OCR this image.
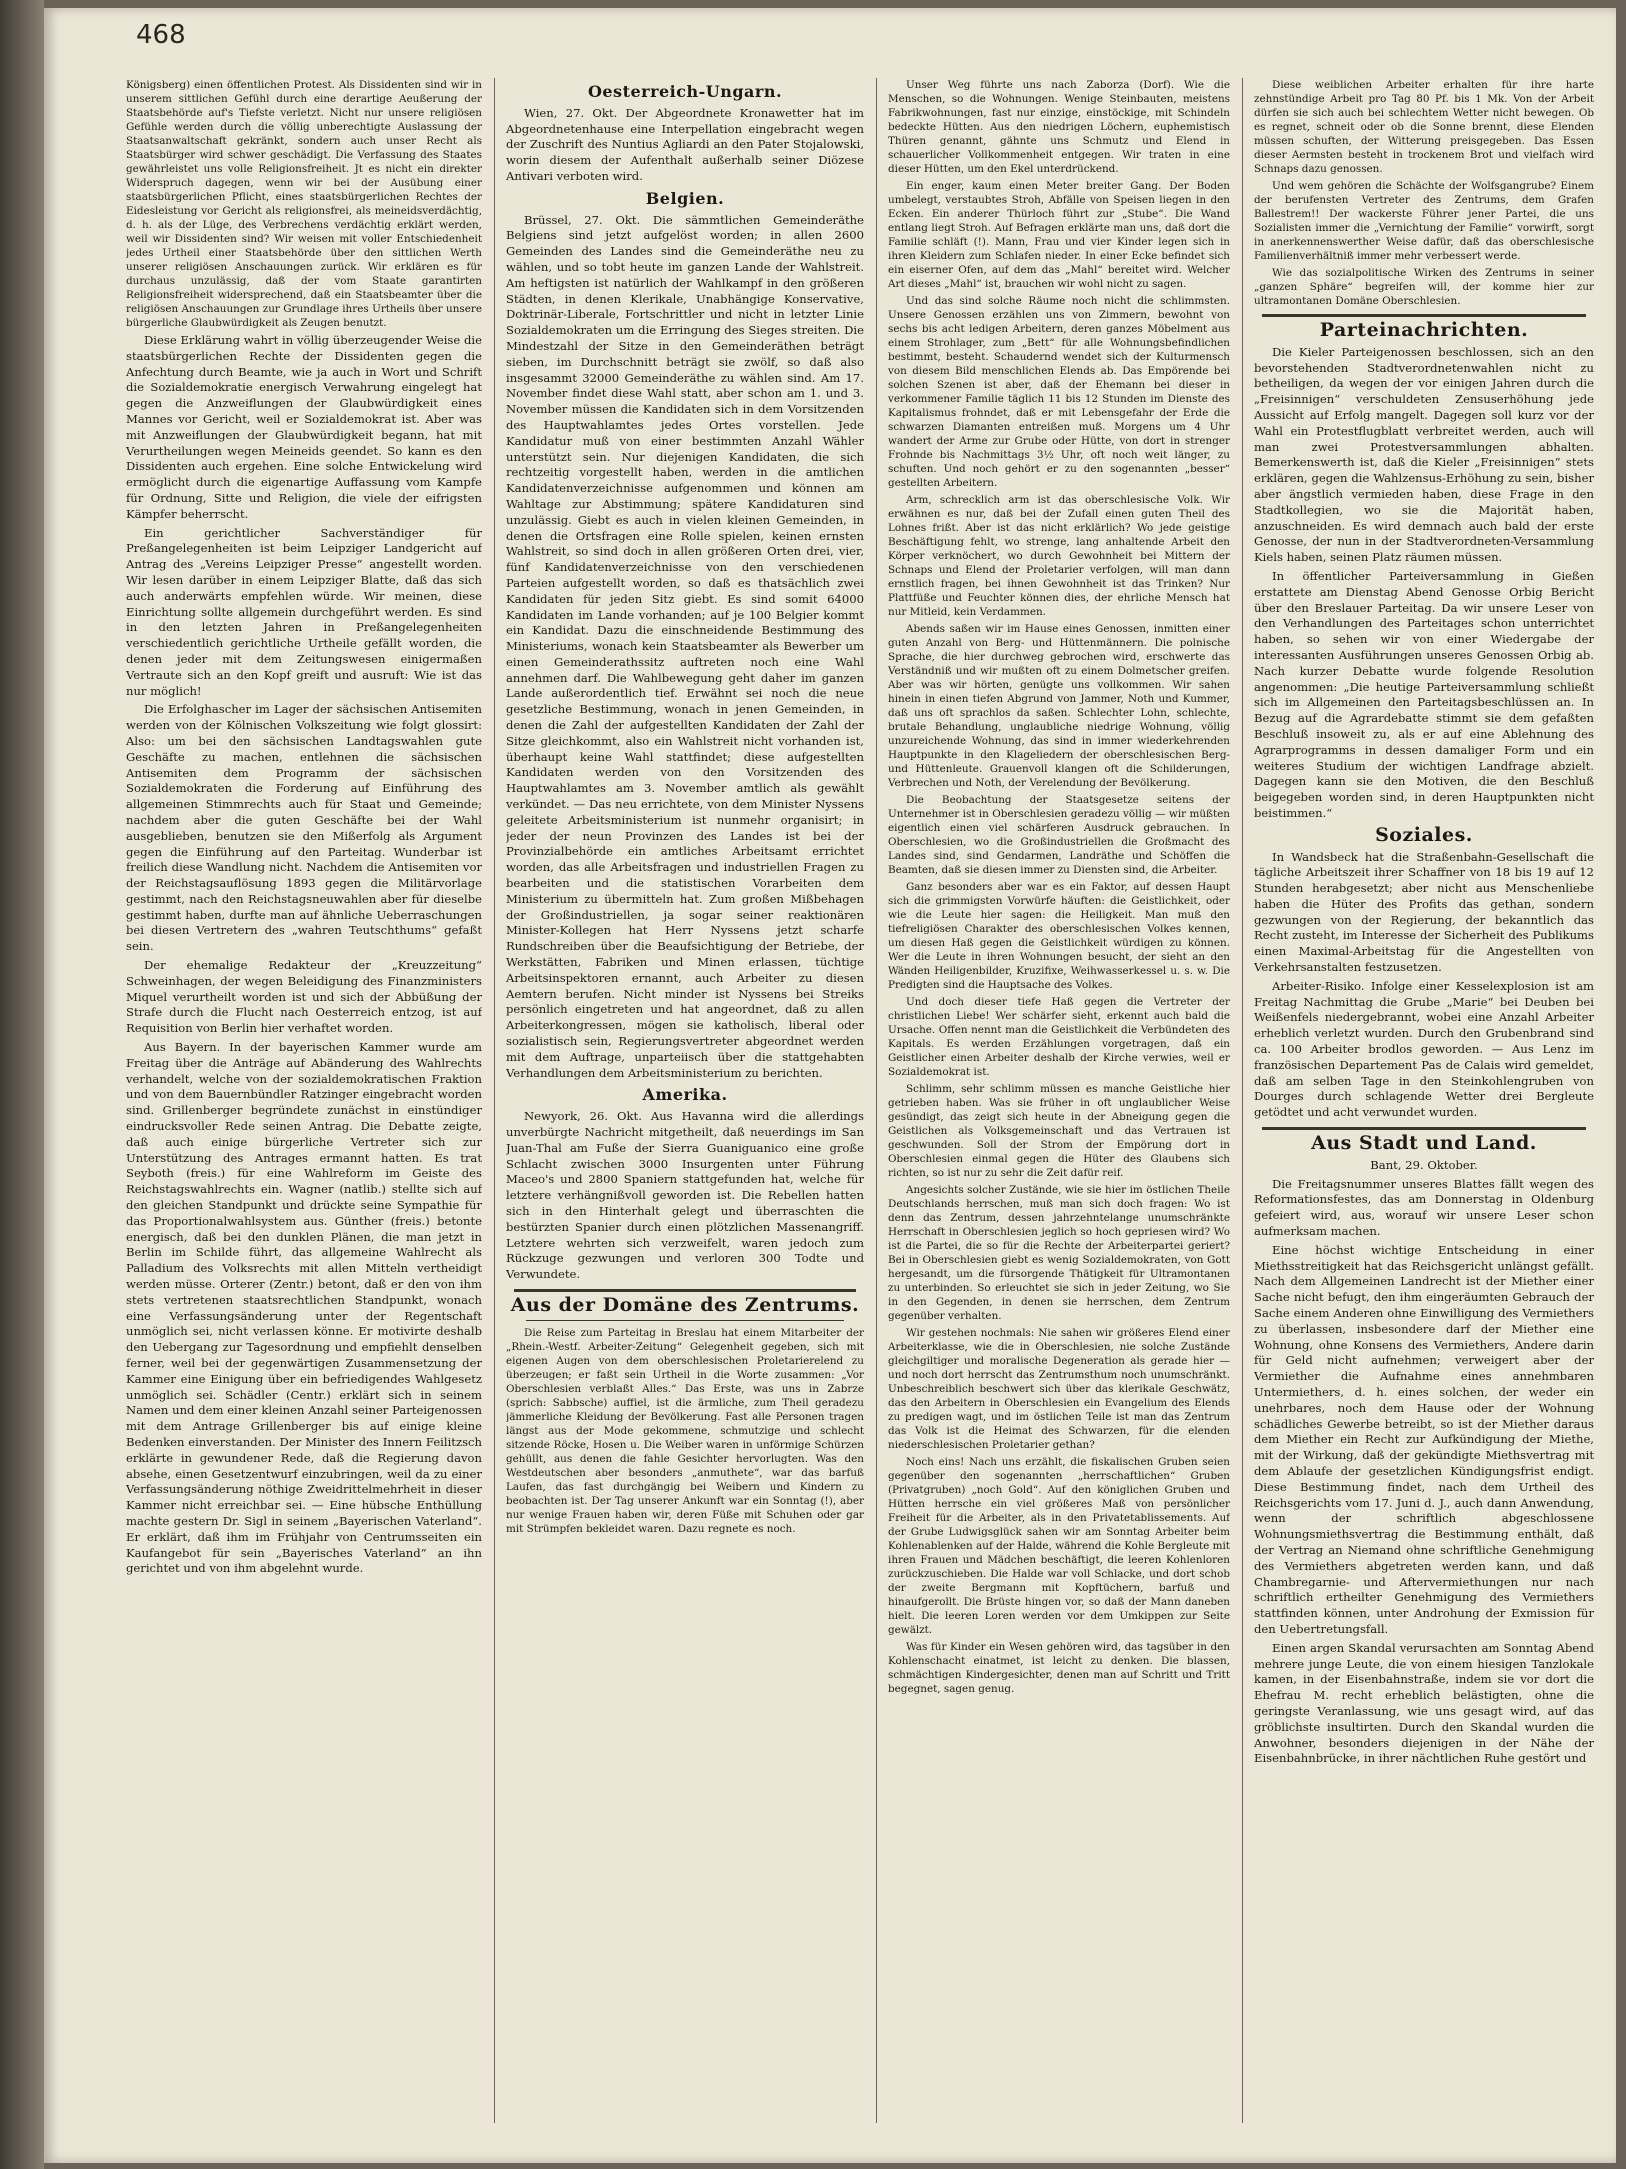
468

Königsberg) einen öffentlichen Protest. Als Dissidenten sind wir in unserem sittlichen Gefühl durch eine derartige Aeußerung der Staatsbehörde auf's Tiefste verletzt. Nicht nur unsere religiösen Gefühle werden durch die völlig unberechtigte Auslassung der Staatsanwaltschaft gekränkt, sondern auch unser Recht als Staatsbürger wird schwer geschädigt. Die Verfassung des Staates gewährleistet uns volle Religionsfreiheit. Jt es nicht ein direkter Widerspruch dagegen, wenn wir bei der Ausübung einer staatsbürgerlichen Pflicht, eines staatsbürgerlichen Rechtes der Eidesleistung vor Gericht als religionsfrei, als meineidsverdächtig, d. h. als der Lüge, des Verbrechens verdächtig erklärt werden, weil wir Dissidenten sind? Wir weisen mit voller Entschiedenheit jedes Urtheil einer Staatsbehörde über den sittlichen Werth unserer religiösen Anschauungen zurück. Wir erklären es für durchaus unzulässig, daß der vom Staate garantirten Religionsfreiheit widersprechend, daß ein Staatsbeamter über die religiösen Anschauungen zur Grundlage ihres Urtheils über unsere bürgerliche Glaubwürdigkeit als Zeugen benutzt.

Diese Erklärung wahrt in völlig überzeugender Weise die staatsbürgerlichen Rechte der Dissidenten gegen die Anfechtung durch Beamte, wie ja auch in Wort und Schrift die Sozialdemokratie energisch Verwahrung eingelegt hat gegen die Anzweiflungen der Glaubwürdigkeit eines Mannes vor Gericht, weil er Sozialdemokrat ist. Aber was mit Anzweiflungen der Glaubwürdigkeit begann, hat mit Verurtheilungen wegen Meineids geendet. So kann es den Dissidenten auch ergehen. Eine solche Entwickelung wird ermöglicht durch die eigenartige Auffassung vom Kampfe für Ordnung, Sitte und Religion, die viele der eifrigsten Kämpfer beherrscht.

Ein gerichtlicher Sachverständiger für Preßangelegenheiten ist beim Leipziger Landgericht auf Antrag des „Vereins Leipziger Presse“ angestellt worden. Wir lesen darüber in einem Leipziger Blatte, daß das sich auch anderwärts empfehlen würde. Wir meinen, diese Einrichtung sollte allgemein durchgeführt werden. Es sind in den letzten Jahren in Preßangelegenheiten verschiedentlich gerichtliche Urtheile gefällt worden, die denen jeder mit dem Zeitungswesen einigermaßen Vertraute sich an den Kopf greift und ausruft: Wie ist das nur möglich!

Die Erfolghascher im Lager der sächsischen Antisemiten werden von der Kölnischen Volkszeitung wie folgt glossirt: Also: um bei den sächsischen Landtagswahlen gute Geschäfte zu machen, entlehnen die sächsischen Antisemiten dem Programm der sächsischen Sozialdemokraten die Forderung auf Einführung des allgemeinen Stimmrechts auch für Staat und Gemeinde; nachdem aber die guten Geschäfte bei der Wahl ausgeblieben, benutzen sie den Mißerfolg als Argument gegen die Einführung auf den Parteitag. Wunderbar ist freilich diese Wandlung nicht. Nachdem die Antisemiten vor der Reichstagsauflösung 1893 gegen die Militärvorlage gestimmt, nach den Reichstagsneuwahlen aber für dieselbe gestimmt haben, durfte man auf ähnliche Ueberraschungen bei diesen Vertretern des „wahren Teutschthums“ gefaßt sein.

Der ehemalige Redakteur der „Kreuzzeitung“ Schweinhagen, der wegen Beleidigung des Finanzministers Miquel verurtheilt worden ist und sich der Abbüßung der Strafe durch die Flucht nach Oesterreich entzog, ist auf Requisition von Berlin hier verhaftet worden.

Aus Bayern. In der bayerischen Kammer wurde am Freitag über die Anträge auf Abänderung des Wahlrechts verhandelt, welche von der sozialdemokratischen Fraktion und von dem Bauernbündler Ratzinger eingebracht worden sind. Grillenberger begründete zunächst in einstündiger eindrucksvoller Rede seinen Antrag. Die Debatte zeigte, daß auch einige bürgerliche Vertreter sich zur Unterstützung des Antrages ermannt hatten. Es trat Seyboth (freis.) für eine Wahlreform im Geiste des Reichstagswahlrechts ein. Wagner (natlib.) stellte sich auf den gleichen Standpunkt und drückte seine Sympathie für das Proportionalwahlsystem aus. Günther (freis.) betonte energisch, daß bei den dunklen Plänen, die man jetzt in Berlin im Schilde führt, das allgemeine Wahlrecht als Palladium des Volksrechts mit allen Mitteln vertheidigt werden müsse. Orterer (Zentr.) betont, daß er den von ihm stets vertretenen staatsrechtlichen Standpunkt, wonach eine Verfassungsänderung unter der Regentschaft unmöglich sei, nicht verlassen könne. Er motivirte deshalb den Uebergang zur Tagesordnung und empfiehlt denselben ferner, weil bei der gegenwärtigen Zusammensetzung der Kammer eine Einigung über ein befriedigendes Wahlgesetz unmöglich sei. Schädler (Centr.) erklärt sich in seinem Namen und dem einer kleinen Anzahl seiner Parteigenossen mit dem Antrage Grillenberger bis auf einige kleine Bedenken einverstanden. Der Minister des Innern Feilitzsch erklärte in gewundener Rede, daß die Regierung davon absehe, einen Gesetzentwurf einzubringen, weil da zu einer Verfassungsänderung nöthige Zweidrittelmehrheit in dieser Kammer nicht erreichbar sei. — Eine hübsche Enthüllung machte gestern Dr. Sigl in seinem „Bayerischen Vaterland“. Er erklärt, daß ihm im Frühjahr von Centrumsseiten ein Kaufangebot für sein „Bayerisches Vaterland“ an ihn gerichtet und von ihm abgelehnt wurde.

Oesterreich-Ungarn.

Wien, 27. Okt. Der Abgeordnete Kronawetter hat im Abgeordnetenhause eine Interpellation eingebracht wegen der Zuschrift des Nuntius Agliardi an den Pater Stojalowski, worin diesem der Aufenthalt außerhalb seiner Diözese Antivari verboten wird.

Belgien.

Brüssel, 27. Okt. Die sämmtlichen Gemeinderäthe Belgiens sind jetzt aufgelöst worden; in allen 2600 Gemeinden des Landes sind die Gemeinderäthe neu zu wählen, und so tobt heute im ganzen Lande der Wahlstreit. Am heftigsten ist natürlich der Wahlkampf in den größeren Städten, in denen Klerikale, Unabhängige Konservative, Doktrinär-Liberale, Fortschrittler und nicht in letzter Linie Sozialdemokraten um die Erringung des Sieges streiten. Die Mindestzahl der Sitze in den Gemeinderäthen beträgt sieben, im Durchschnitt beträgt sie zwölf, so daß also insgesammt 32000 Gemeinderäthe zu wählen sind. Am 17. November findet diese Wahl statt, aber schon am 1. und 3. November müssen die Kandidaten sich in dem Vorsitzenden des Hauptwahlamtes jedes Ortes vorstellen. Jede Kandidatur muß von einer bestimmten Anzahl Wähler unterstützt sein. Nur diejenigen Kandidaten, die sich rechtzeitig vorgestellt haben, werden in die amtlichen Kandidatenverzeichnisse aufgenommen und können am Wahltage zur Abstimmung; spätere Kandidaturen sind unzulässig. Giebt es auch in vielen kleinen Gemeinden, in denen die Ortsfragen eine Rolle spielen, keinen ernsten Wahlstreit, so sind doch in allen größeren Orten drei, vier, fünf Kandidatenverzeichnisse von den verschiedenen Parteien aufgestellt worden, so daß es thatsächlich zwei Kandidaten für jeden Sitz giebt. Es sind somit 64000 Kandidaten im Lande vorhanden; auf je 100 Belgier kommt ein Kandidat. Dazu die einschneidende Bestimmung des Ministeriums, wonach kein Staatsbeamter als Bewerber um einen Gemeinderathssitz auftreten noch eine Wahl annehmen darf. Die Wahlbewegung geht daher im ganzen Lande außerordentlich tief. Erwähnt sei noch die neue gesetzliche Bestimmung, wonach in jenen Gemeinden, in denen die Zahl der aufgestellten Kandidaten der Zahl der Sitze gleichkommt, also ein Wahlstreit nicht vorhanden ist, überhaupt keine Wahl stattfindet; diese aufgestellten Kandidaten werden von den Vorsitzenden des Hauptwahlamtes am 3. November amtlich als gewählt verkündet. — Das neu errichtete, von dem Minister Nyssens geleitete Arbeitsministerium ist nunmehr organisirt; in jeder der neun Provinzen des Landes ist bei der Provinzialbehörde ein amtliches Arbeitsamt errichtet worden, das alle Arbeitsfragen und industriellen Fragen zu bearbeiten und die statistischen Vorarbeiten dem Ministerium zu übermitteln hat. Zum großen Mißbehagen der Großindustriellen, ja sogar seiner reaktionären Minister-Kollegen hat Herr Nyssens jetzt scharfe Rundschreiben über die Beaufsichtigung der Betriebe, der Werkstätten, Fabriken und Minen erlassen, tüchtige Arbeitsinspektoren ernannt, auch Arbeiter zu diesen Aemtern berufen. Nicht minder ist Nyssens bei Streiks persönlich eingetreten und hat angeordnet, daß zu allen Arbeiterkongressen, mögen sie katholisch, liberal oder sozialistisch sein, Regierungsvertreter abgeordnet werden mit dem Auftrage, unparteiisch über die stattgehabten Verhandlungen dem Arbeitsministerium zu berichten.

Amerika.

Newyork, 26. Okt. Aus Havanna wird die allerdings unverbürgte Nachricht mitgetheilt, daß neuerdings im San Juan-Thal am Fuße der Sierra Guaniguanico eine große Schlacht zwischen 3000 Insurgenten unter Führung Maceo's und 2800 Spaniern stattgefunden hat, welche für letztere verhängnißvoll geworden ist. Die Rebellen hatten sich in den Hinterhalt gelegt und überraschten die bestürzten Spanier durch einen plötzlichen Massenangriff. Letztere wehrten sich verzweifelt, waren jedoch zum Rückzuge gezwungen und verloren 300 Todte und Verwundete.

Aus der Domäne des Zentrums.

Die Reise zum Parteitag in Breslau hat einem Mitarbeiter der „Rhein.-Westf. Arbeiter-Zeitung“ Gelegenheit gegeben, sich mit eigenen Augen von dem oberschlesischen Proletarierelend zu überzeugen; er faßt sein Urtheil in die Worte zusammen: „Vor Oberschlesien verblaßt Alles.“ Das Erste, was uns in Zabrze (sprich: Sabbsche) auffiel, ist die ärmliche, zum Theil geradezu jämmerliche Kleidung der Bevölkerung. Fast alle Personen tragen längst aus der Mode gekommene, schmutzige und schlecht sitzende Röcke, Hosen u. Die Weiber waren in unförmige Schürzen gehüllt, aus denen die fahle Gesichter hervorlugten. Was den Westdeutschen aber besonders „anmuthete“, war das barfuß Laufen, das fast durchgängig bei Weibern und Kindern zu beobachten ist. Der Tag unserer Ankunft war ein Sonntag (!), aber nur wenige Frauen haben wir, deren Füße mit Schuhen oder gar mit Strümpfen bekleidet waren. Dazu regnete es noch.

Unser Weg führte uns nach Zaborza (Dorf). Wie die Menschen, so die Wohnungen. Wenige Steinbauten, meistens Fabrikwohnungen, fast nur einzige, einstöckige, mit Schindeln bedeckte Hütten. Aus den niedrigen Löchern, euphemistisch Thüren genannt, gähnte uns Schmutz und Elend in schauerlicher Vollkommenheit entgegen. Wir traten in eine dieser Hütten, um den Ekel unterdrückend.

Ein enger, kaum einen Meter breiter Gang. Der Boden umbelegt, verstaubtes Stroh, Abfälle von Speisen liegen in den Ecken. Ein anderer Thürloch führt zur „Stube“. Die Wand entlang liegt Stroh. Auf Befragen erklärte man uns, daß dort die Familie schläft (!). Mann, Frau und vier Kinder legen sich in ihren Kleidern zum Schlafen nieder. In einer Ecke befindet sich ein eiserner Ofen, auf dem das „Mahl“ bereitet wird. Welcher Art dieses „Mahl“ ist, brauchen wir wohl nicht zu sagen.

Und das sind solche Räume noch nicht die schlimmsten. Unsere Genossen erzählen uns von Zimmern, bewohnt von sechs bis acht ledigen Arbeitern, deren ganzes Möbelment aus einem Strohlager, zum „Bett“ für alle Wohnungsbefindlichen bestimmt, besteht. Schaudernd wendet sich der Kulturmensch von diesem Bild menschlichen Elends ab. Das Empörende bei solchen Szenen ist aber, daß der Ehemann bei dieser in verkommener Familie täglich 11 bis 12 Stunden im Dienste des Kapitalismus frohndet, daß er mit Lebensgefahr der Erde die schwarzen Diamanten entreißen muß. Morgens um 4 Uhr wandert der Arme zur Grube oder Hütte, von dort in strenger Frohnde bis Nachmittags 3½ Uhr, oft noch weit länger, zu schuften. Und noch gehört er zu den sogenannten „besser“ gestellten Arbeitern.

Arm, schrecklich arm ist das oberschlesische Volk. Wir erwähnen es nur, daß bei der Zufall einen guten Theil des Lohnes frißt. Aber ist das nicht erklärlich? Wo jede geistige Beschäftigung fehlt, wo strenge, lang anhaltende Arbeit den Körper verknöchert, wo durch Gewohnheit bei Mittern der Schnaps und Elend der Proletarier verfolgen, will man dann ernstlich fragen, bei ihnen Gewohnheit ist das Trinken? Nur Plattfüße und Feuchter können dies, der ehrliche Mensch hat nur Mitleid, kein Verdammen.

Abends saßen wir im Hause eines Genossen, inmitten einer guten Anzahl von Berg- und Hüttenmännern. Die polnische Sprache, die hier durchweg gebrochen wird, erschwerte das Verständniß und wir mußten oft zu einem Dolmetscher greifen. Aber was wir hörten, genügte uns vollkommen. Wir sahen hinein in einen tiefen Abgrund von Jammer, Noth und Kummer, daß uns oft sprachlos da saßen. Schlechter Lohn, schlechte, brutale Behandlung, unglaubliche niedrige Wohnung, völlig unzureichende Wohnung, das sind in immer wiederkehrenden Hauptpunkte in den Klageliedern der oberschlesischen Berg- und Hüttenleute. Grauenvoll klangen oft die Schilderungen, Verbrechen und Noth, der Verelendung der Bevölkerung.

Die Beobachtung der Staatsgesetze seitens der Unternehmer ist in Oberschlesien geradezu völlig — wir müßten eigentlich einen viel schärferen Ausdruck gebrauchen. In Oberschlesien, wo die Großindustriellen die Großmacht des Landes sind, sind Gendarmen, Landräthe und Schöffen die Beamten, daß sie diesen immer zu Diensten sind, die Arbeiter.

Ganz besonders aber war es ein Faktor, auf dessen Haupt sich die grimmigsten Vorwürfe häuften: die Geistlichkeit, oder wie die Leute hier sagen: die Heiligkeit. Man muß den tiefreligiösen Charakter des oberschlesischen Volkes kennen, um diesen Haß gegen die Geistlichkeit würdigen zu können. Wer die Leute in ihren Wohnungen besucht, der sieht an den Wänden Heiligenbilder, Kruzifixe, Weihwasserkessel u. s. w. Die Predigten sind die Hauptsache des Volkes.

Und doch dieser tiefe Haß gegen die Vertreter der christlichen Liebe! Wer schärfer sieht, erkennt auch bald die Ursache. Offen nennt man die Geistlichkeit die Verbündeten des Kapitals. Es werden Erzählungen vorgetragen, daß ein Geistlicher einen Arbeiter deshalb der Kirche verwies, weil er Sozialdemokrat ist.

Schlimm, sehr schlimm müssen es manche Geistliche hier getrieben haben. Was sie früher in oft unglaublicher Weise gesündigt, das zeigt sich heute in der Abneigung gegen die Geistlichen als Volksgemeinschaft und das Vertrauen ist geschwunden. Soll der Strom der Empörung dort in Oberschlesien einmal gegen die Hüter des Glaubens sich richten, so ist nur zu sehr die Zeit dafür reif.

Angesichts solcher Zustände, wie sie hier im östlichen Theile Deutschlands herrschen, muß man sich doch fragen: Wo ist denn das Zentrum, dessen jahrzehntelange unumschränkte Herrschaft in Oberschlesien jeglich so hoch gepriesen wird? Wo ist die Partei, die so für die Rechte der Arbeiterpartei geriert? Bei in Oberschlesien giebt es wenig Sozialdemokraten, von Gott hergesandt, um die fürsorgende Thätigkeit für Ultramontanen zu unterbinden. So erleuchtet sie sich in jeder Zeitung, wo Sie in den Gegenden, in denen sie herrschen, dem Zentrum gegenüber verhalten.

Wir gestehen nochmals: Nie sahen wir größeres Elend einer Arbeiterklasse, wie die in Oberschlesien, nie solche Zustände gleichgiltiger und moralische Degeneration als gerade hier — und noch dort herrscht das Zentrumsthum noch unumschränkt. Unbeschreiblich beschwert sich über das klerikale Geschwätz, das den Arbeitern in Oberschlesien ein Evangelium des Elends zu predigen wagt, und im östlichen Teile ist man das Zentrum das Volk ist die Heimat des Schwarzen, für die elenden niederschlesischen Proletarier gethan?

Noch eins! Nach uns erzählt, die fiskalischen Gruben seien gegenüber den sogenannten „herrschaftlichen“ Gruben (Privatgruben) „noch Gold“. Auf den königlichen Gruben und Hütten herrsche ein viel größeres Maß von persönlicher Freiheit für die Arbeiter, als in den Privatetablissements. Auf der Grube Ludwigsglück sahen wir am Sonntag Arbeiter beim Kohlenablenken auf der Halde, während die Kohle Bergleute mit ihren Frauen und Mädchen beschäftigt, die leeren Kohlenloren zurückzuschieben. Die Halde war voll Schlacke, und dort schob der zweite Bergmann mit Kopftüchern, barfuß und hinaufgerollt. Die Brüste hingen vor, so daß der Mann daneben hielt. Die leeren Loren werden vor dem Umkippen zur Seite gewälzt.

Was für Kinder ein Wesen gehören wird, das tagsüber in den Kohlenschacht einatmet, ist leicht zu denken. Die blassen, schmächtigen Kindergesichter, denen man auf Schritt und Tritt begegnet, sagen genug.

Diese weiblichen Arbeiter erhalten für ihre harte zehnstündige Arbeit pro Tag 80 Pf. bis 1 Mk. Von der Arbeit dürfen sie sich auch bei schlechtem Wetter nicht bewegen. Ob es regnet, schneit oder ob die Sonne brennt, diese Elenden müssen schuften, der Witterung preisgegeben. Das Essen dieser Aermsten besteht in trockenem Brot und vielfach wird Schnaps dazu genossen.

Und wem gehören die Schächte der Wolfsgangrube? Einem der berufensten Vertreter des Zentrums, dem Grafen Ballestrem!! Der wackerste Führer jener Partei, die uns Sozialisten immer die „Vernichtung der Familie“ vorwirft, sorgt in anerkennenswerther Weise dafür, daß das oberschlesische Familienverhältniß immer mehr verbessert werde.

Wie das sozialpolitische Wirken des Zentrums in seiner „ganzen Sphäre“ begreifen will, der komme hier zur ultramontanen Domäne Oberschlesien.

Parteinachrichten.

Die Kieler Parteigenossen beschlossen, sich an den bevorstehenden Stadtverordnetenwahlen nicht zu betheiligen, da wegen der vor einigen Jahren durch die „Freisinnigen“ verschuldeten Zensuserhöhung jede Aussicht auf Erfolg mangelt. Dagegen soll kurz vor der Wahl ein Protestflugblatt verbreitet werden, auch will man zwei Protestversammlungen abhalten. Bemerkenswerth ist, daß die Kieler „Freisinnigen“ stets erklären, gegen die Wahlzensus-Erhöhung zu sein, bisher aber ängstlich vermieden haben, diese Frage in den Stadtkollegien, wo sie die Majorität haben, anzuschneiden. Es wird demnach auch bald der erste Genosse, der nun in der Stadtverordneten-Versammlung Kiels haben, seinen Platz räumen müssen.

In öffentlicher Parteiversammlung in Gießen erstattete am Dienstag Abend Genosse Orbig Bericht über den Breslauer Parteitag. Da wir unsere Leser von den Verhandlungen des Parteitages schon unterrichtet haben, so sehen wir von einer Wiedergabe der interessanten Ausführungen unseres Genossen Orbig ab. Nach kurzer Debatte wurde folgende Resolution angenommen: „Die heutige Parteiversammlung schließt sich im Allgemeinen den Parteitagsbeschlüssen an. In Bezug auf die Agrardebatte stimmt sie dem gefaßten Beschluß insoweit zu, als er auf eine Ablehnung des Agrarprogramms in dessen damaliger Form und ein weiteres Studium der wichtigen Landfrage abzielt. Dagegen kann sie den Motiven, die den Beschluß beigegeben worden sind, in deren Hauptpunkten nicht beistimmen.“

Soziales.

In Wandsbeck hat die Straßenbahn-Gesellschaft die tägliche Arbeitszeit ihrer Schaffner von 18 bis 19 auf 12 Stunden herabgesetzt; aber nicht aus Menschenliebe haben die Hüter des Profits das gethan, sondern gezwungen von der Regierung, der bekanntlich das Recht zusteht, im Interesse der Sicherheit des Publikums einen Maximal-Arbeitstag für die Angestellten von Verkehrsanstalten festzusetzen.

Arbeiter-Risiko. Infolge einer Kesselexplosion ist am Freitag Nachmittag die Grube „Marie“ bei Deuben bei Weißenfels niedergebrannt, wobei eine Anzahl Arbeiter erheblich verletzt wurden. Durch den Grubenbrand sind ca. 100 Arbeiter brodlos geworden. — Aus Lenz im französischen Departement Pas de Calais wird gemeldet, daß am selben Tage in den Steinkohlengruben von Dourges durch schlagende Wetter drei Bergleute getödtet und acht verwundet wurden.

Aus Stadt und Land.

Bant, 29. Oktober.

Die Freitagsnummer unseres Blattes fällt wegen des Reformationsfestes, das am Donnerstag in Oldenburg gefeiert wird, aus, worauf wir unsere Leser schon aufmerksam machen.

Eine höchst wichtige Entscheidung in einer Miethsstreitigkeit hat das Reichsgericht unlängst gefällt. Nach dem Allgemeinen Landrecht ist der Miether einer Sache nicht befugt, den ihm eingeräumten Gebrauch der Sache einem Anderen ohne Einwilligung des Vermiethers zu überlassen, insbesondere darf der Miether eine Wohnung, ohne Konsens des Vermiethers, Andere darin für Geld nicht aufnehmen; verweigert aber der Vermiether die Aufnahme eines annehmbaren Untermiethers, d. h. eines solchen, der weder ein unehrbares, noch dem Hause oder der Wohnung schädliches Gewerbe betreibt, so ist der Miether daraus dem Miether ein Recht zur Aufkündigung der Miethe, mit der Wirkung, daß der gekündigte Miethsvertrag mit dem Ablaufe der gesetzlichen Kündigungsfrist endigt. Diese Bestimmung findet, nach dem Urtheil des Reichsgerichts vom 17. Juni d. J., auch dann Anwendung, wenn der schriftlich abgeschlossene Wohnungsmiethsvertrag die Bestimmung enthält, daß der Vertrag an Niemand ohne schriftliche Genehmigung des Vermiethers abgetreten werden kann, und daß Chambregarnie- und Aftervermiethungen nur nach schriftlich ertheilter Genehmigung des Vermiethers stattfinden können, unter Androhung der Exmission für den Uebertretungsfall.

Einen argen Skandal verursachten am Sonntag Abend mehrere junge Leute, die von einem hiesigen Tanzlokale kamen, in der Eisenbahnstraße, indem sie vor dort die Ehefrau M. recht erheblich belästigten, ohne die geringste Veranlassung, wie uns gesagt wird, auf das gröblichste insultirten. Durch den Skandal wurden die Anwohner, besonders diejenigen in der Nähe der Eisenbahnbrücke, in ihrer nächtlichen Ruhe gestört und
